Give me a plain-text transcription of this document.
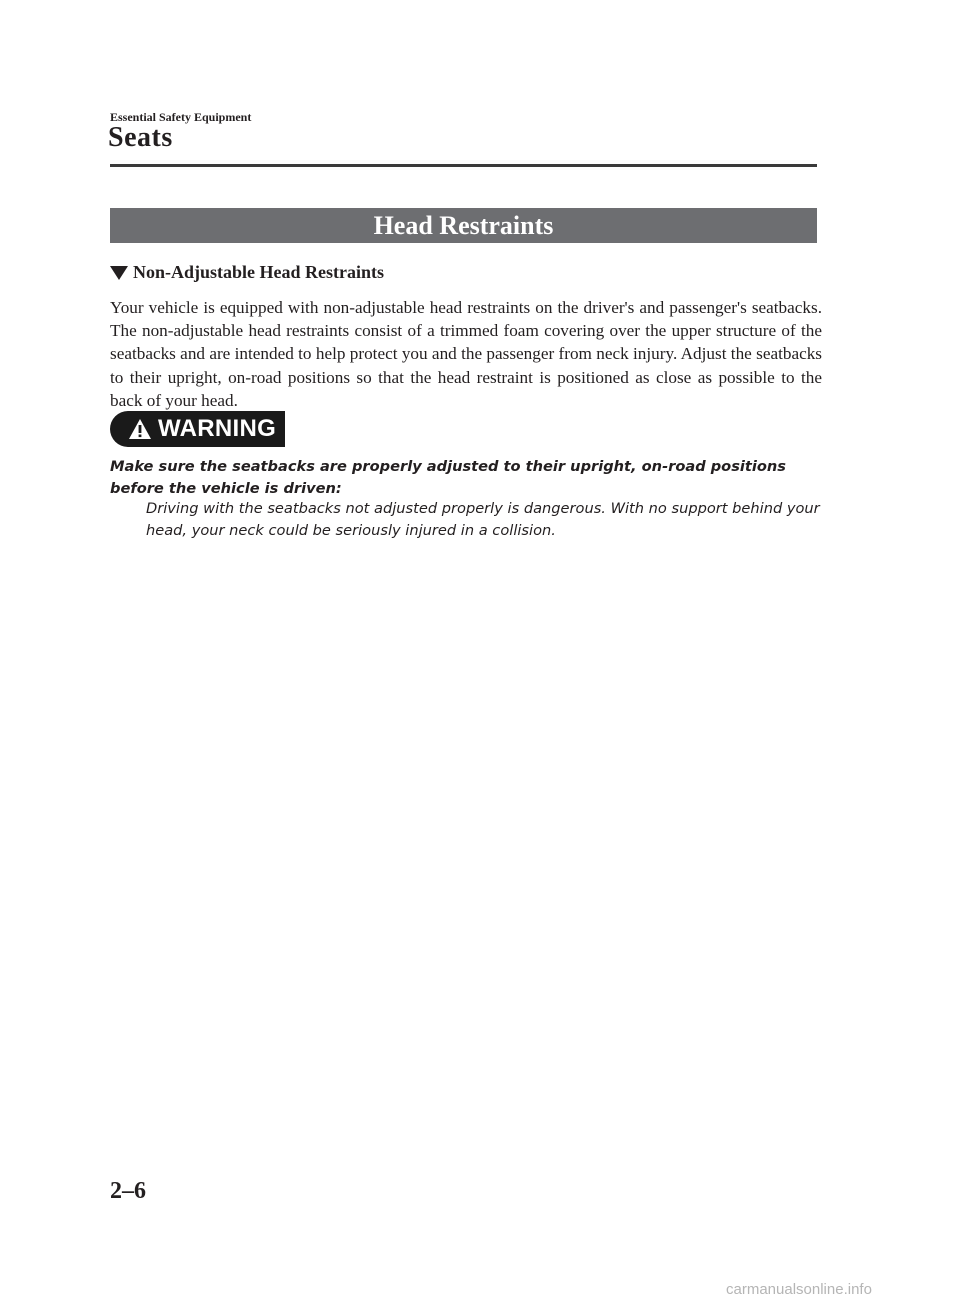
Essential Safety Equipment
Seats
Head Restraints
Non-Adjustable Head Restraints
Your vehicle is equipped with non-adjustable head restraints on the driver's and passenger's seatbacks. The non-adjustable head restraints consist of a trimmed foam covering over the upper structure of the seatbacks and are intended to help protect you and the passenger from neck injury. Adjust the seatbacks to their upright, on-road positions so that the head restraint is positioned as close as possible to the back of your head.
WARNING
Make sure the seatbacks are properly adjusted to their upright, on-road positions before the vehicle is driven:
Driving with the seatbacks not adjusted properly is dangerous. With no support behind your head, your neck could be seriously injured in a collision.
2–6
carmanualsonline.info
